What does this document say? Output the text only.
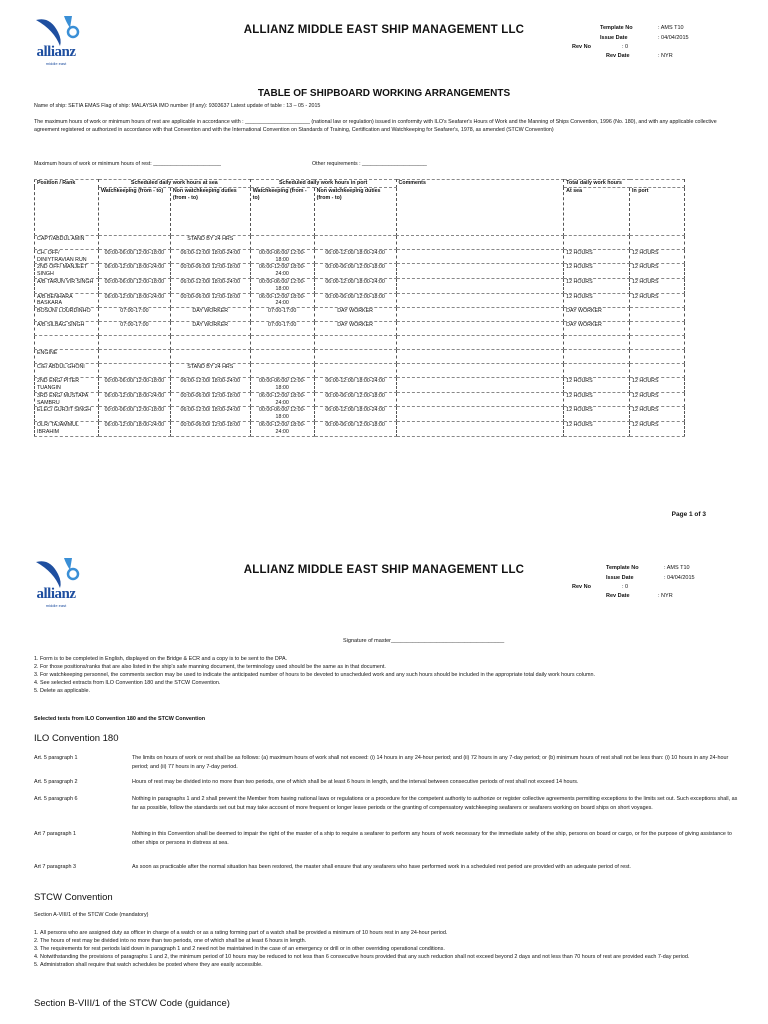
allianz
middle east
ALLIANZ MIDDLE EAST SHIP MANAGEMENT LLC	Template No	: AMS T10
Issue Date	: 04/04/2015
Rev No	: 0
Rev Date	: NYR
TABLE OF SHIPBOARD WORKING ARRANGEMENTS
Name of ship: SETIA EMAS Flag of ship: MALAYSIA IMO number (if any): 9303637 Latest update of table : 13 – 05 - 2015
The maximum hours of work or minimum hours of rest are applicable in accordance with : ______________________ (national law or regulation) issued in conformity with ILO's Seafarer's Hours of Work and the Manning of Ships Convention, 1996 (No. 180), and with any applicable collective agreement registered or authorized in accordance with that Convention and with the International Convention on Standards of Training, Certification and Watchkeeping for Seafarer's, 1978, as amended (STCW Convention)
Maximum hours of work or minimum hours of rest: _______________________	Other requirements : ______________________
Position / Rank	Scheduled daily work hours at sea		Scheduled daily work hours in port		Comments	Total daily work hours	
	Watchkeeping (from - to)	Non watchkeeping duties (from - to)	Watchkeeping (from - to)	Non watchkeeping duties (from - to)		At sea	In port
CAPT/ABDUL AMIN		STAND BY 24 HRS					
CH. OFF/ DINIYTRAVIAN RUN	00:00-06:00/ 12:00-18:00	06:00-12:00/ 18:00-24:00	00:00-06:00/ 12:00-18:00	06:00-12:00/ 18:00-24:00		12 HOURS	12 HOURS
2ND OFF/ MANJEET SINGH	06:00-12:00/ 18:00-24:00	00:00-06:00/ 12:00-18:00	06:00-12:00/ 18:00-24:00	00:00-06:00/ 12:00-18:00		12 HOURS	12 HOURS
A/B TARUN VIR SINGH	00:00-06:00/ 12:00-18:00	06:00-12:00/ 18:00-24:00	00:00-06:00/ 12:00-18:00	06:00-12:00/ 18:00-24:00		12 HOURS	12 HOURS
A/B BENHARA BASKARA	06:00-12:00/ 18:00-24:00	00:00-06:00/ 12:00-18:00	06:00-12:00/ 18:00-24:00	00:00-06:00/ 12:00-18:00		12 HOURS	12 HOURS
BOSUN/ LOURDINHO	07:00-17:00	DAY WORKER	07:00-17:00	DAY WORKER		DAY WORKER	
A/B SILBAG SINGH	07:00-17:00	DAY WORKER	07:00-17:00	DAY WORKER		DAY WORKER	

ENGINE							
C/E/ ABDUL GHONI		STAND BY 24 HRS					
2ND ENG/ PITER TUANGIN	00:00-06:00/ 12:00-18:00	06:00-12:00/ 18:00-24:00	00:00-06:00/ 12:00-18:00	06:00-12:00/ 18:00-24:00		12 HOURS	12 HOURS
3RD ENG/ MUSTAPA SAMBRU	06:00-12:00/ 18:00-24:00	00:00-06:00/ 12:00-18:00	06:00-12:00/ 18:00-24:00	00:00-06:00/ 12:00-18:00		12 HOURS	12 HOURS
ELEC/ GURJIT SINGH	00:00-06:00/ 12:00-18:00	06:00-12:00/ 18:00-24:00	00:00-06:00/ 12:00-18:00	06:00-12:00/ 18:00-24:00		12 HOURS	12 HOURS
OLR/ TAJAMMUL IBRAHIM	06:00-12:00/ 18:00-24:00	00:00-06:00/ 12:00-18:00	06:00-12:00/ 18:00-24:00	00:00-06:00/ 12:00-18:00		12 HOURS	12 HOURS
Page 1 of 3
allianz
middle east
ALLIANZ MIDDLE EAST SHIP MANAGEMENT LLC	Template No	: AMS T10
Issue Date	: 04/04/2015
Rev No	: 0
Rev Date	: NYR
Signature of master_____________________________________
1. Form is to be completed in English, displayed on the Bridge & ECR and a copy is to be sent to the DPA.
2. For those positions/ranks that are also listed in the ship's safe manning document, the terminology used should be the same as in that document.
3. For watchkeeping personnel, the comments section may be used to indicate the anticipated number of hours to be devoted to unscheduled work and any such hours should be included in the appropriate total daily work hours column.
4. See selected extracts from ILO Convention 180 and the STCW Convention.
5. Delete as applicable.
Selected texts from ILO Convention 180 and the STCW Convention
ILO Convention 180
Art. 5 paragraph 1	The limits on hours of work or rest shall be as follows: (a) maximum hours of work shall not exceed: (i) 14 hours in any 24-hour period; and (ii) 72 hours in any 7-day period; or (b) minimum hours of rest shall not be less than: (i) 10 hours in any 24-hour period; and (ii) 77 hours in any 7-day period.
Art. 5 paragraph 2	Hours of rest may be divided into no more than two periods, one of which shall be at least 6 hours in length, and the interval between consecutive periods of rest shall not exceed 14 hours.
Art. 5 paragraph 6	Nothing in paragraphs 1 and 2 shall prevent the Member from having national laws or regulations or a procedure for the competent authority to authorize or register collective agreements permitting exceptions to the limits set out. Such exceptions shall, as far as possible, follow the standards set out but may take account of more frequent or longer leave periods or the granting of compensatory watchkeeping seafarers or seafarers working on board ships on short voyages.
Art 7 paragraph 1	Nothing in this Convention shall be deemed to impair the right of the master of a ship to require a seafarer to perform any hours of work necessary for the immediate safety of the ship, persons on board or cargo, or for the purpose of giving assistance to other ships or persons in distress at sea.
Art 7 paragraph 3	As soon as practicable after the normal situation has been restored, the master shall ensure that any seafarers who have performed work in a scheduled rest period are provided with an adequate period of rest.
STCW Convention
Section A-VIII/1 of the STCW Code (mandatory)
1. All persons who are assigned duty as officer in charge of a watch or as a rating forming part of a watch shall be provided a minimum of 10 hours rest in any 24-hour period.
2. The hours of rest may be divided into no more than two periods, one of which shall be at least 6 hours in length.
3. The requirements for rest periods laid down in paragraph 1 and 2 need not be maintained in the case of an emergency or drill or in other overriding operational conditions.
4. Notwithstanding the provisions of paragraphs 1 and 2, the minimum period of 10 hours may be reduced to not less than 6 consecutive hours provided that any such reduction shall not exceed beyond 2 days and not less than 70 hours of rest are provided each 7-day period.
5. Administration shall require that watch schedules be posted where they are easily accessible.
Section B-VIII/1 of the STCW Code (guidance)
